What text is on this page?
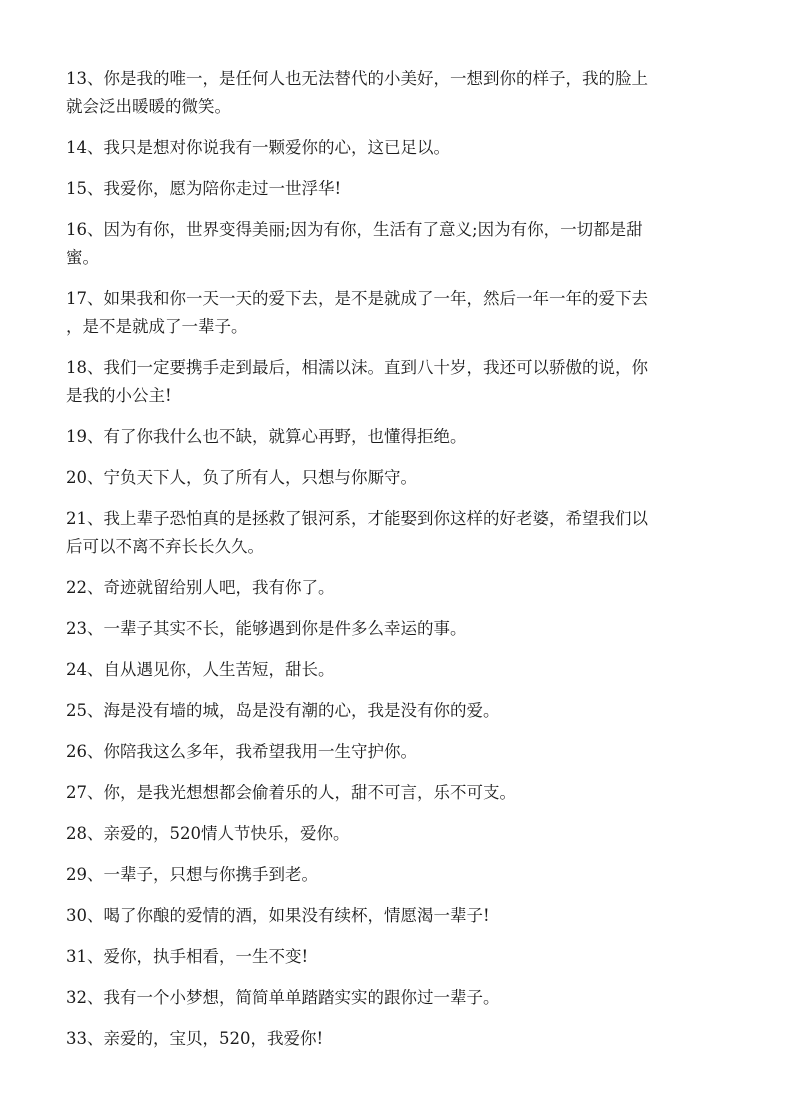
13、你是我的唯一，是任何人也无法替代的小美好，一想到你的样子，我的脸上
就会泛出暖暖的微笑。
14、我只是想对你说我有一颗爱你的心，这已足以。
15、我爱你，愿为陪你走过一世浮华!
16、因为有你，世界变得美丽;因为有你，生活有了意义;因为有你，一切都是甜
蜜。
17、如果我和你一天一天的爱下去，是不是就成了一年，然后一年一年的爱下去
，是不是就成了一辈子。
18、我们一定要携手走到最后，相濡以沫。直到八十岁，我还可以骄傲的说，你
是我的小公主!
19、有了你我什么也不缺，就算心再野，也懂得拒绝。
20、宁负天下人，负了所有人，只想与你厮守。
21、我上辈子恐怕真的是拯救了银河系，才能娶到你这样的好老婆，希望我们以
后可以不离不弃长长久久。
22、奇迹就留给别人吧，我有你了。
23、一辈子其实不长，能够遇到你是件多么幸运的事。
24、自从遇见你，人生苦短，甜长。
25、海是没有墙的城，岛是没有潮的心，我是没有你的爱。
26、你陪我这么多年，我希望我用一生守护你。
27、你，是我光想想都会偷着乐的人，甜不可言，乐不可支。
28、亲爱的，520情人节快乐，爱你。
29、一辈子，只想与你携手到老。
30、喝了你酿的爱情的酒，如果没有续杯，情愿渴一辈子!
31、爱你，执手相看，一生不变!
32、我有一个小梦想，简简单单踏踏实实的跟你过一辈子。
33、亲爱的，宝贝，520，我爱你!
